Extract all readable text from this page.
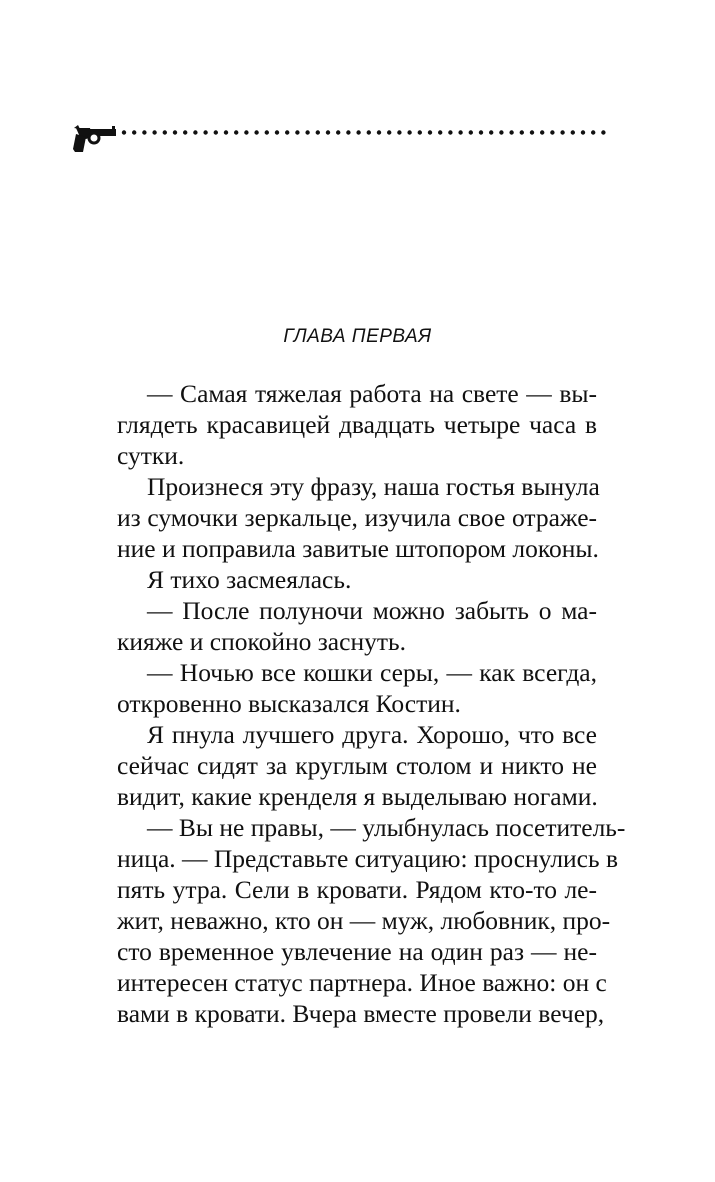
ГЛАВА ПЕРВАЯ
— Самая тяжелая работа на свете — вы-
глядеть красавицей двадцать четыре часа в
сутки.
Произнеся эту фразу, наша гостья вынула
из сумочки зеркальце, изучила свое отраже-
ние и поправила завитые штопором локоны.
Я тихо засмеялась.
— После полуночи можно забыть о ма-
кияже и спокойно заснуть.
— Ночью все кошки серы, — как всегда,
откровенно высказался Костин.
Я пнула лучшего друга. Хорошо, что все
сейчас сидят за круглым столом и никто не
видит, какие кренделя я выделываю ногами.
— Вы не правы, — улыбнулась посетитель-
ница. — Представьте ситуацию: проснулись в
пять утра. Сели в кровати. Рядом кто-то ле-
жит, неважно, кто он — муж, любовник, про-
сто временное увлечение на один раз — не-
интересен статус партнера. Иное важно: он с
вами в кровати. Вчера вместе провели вечер,
